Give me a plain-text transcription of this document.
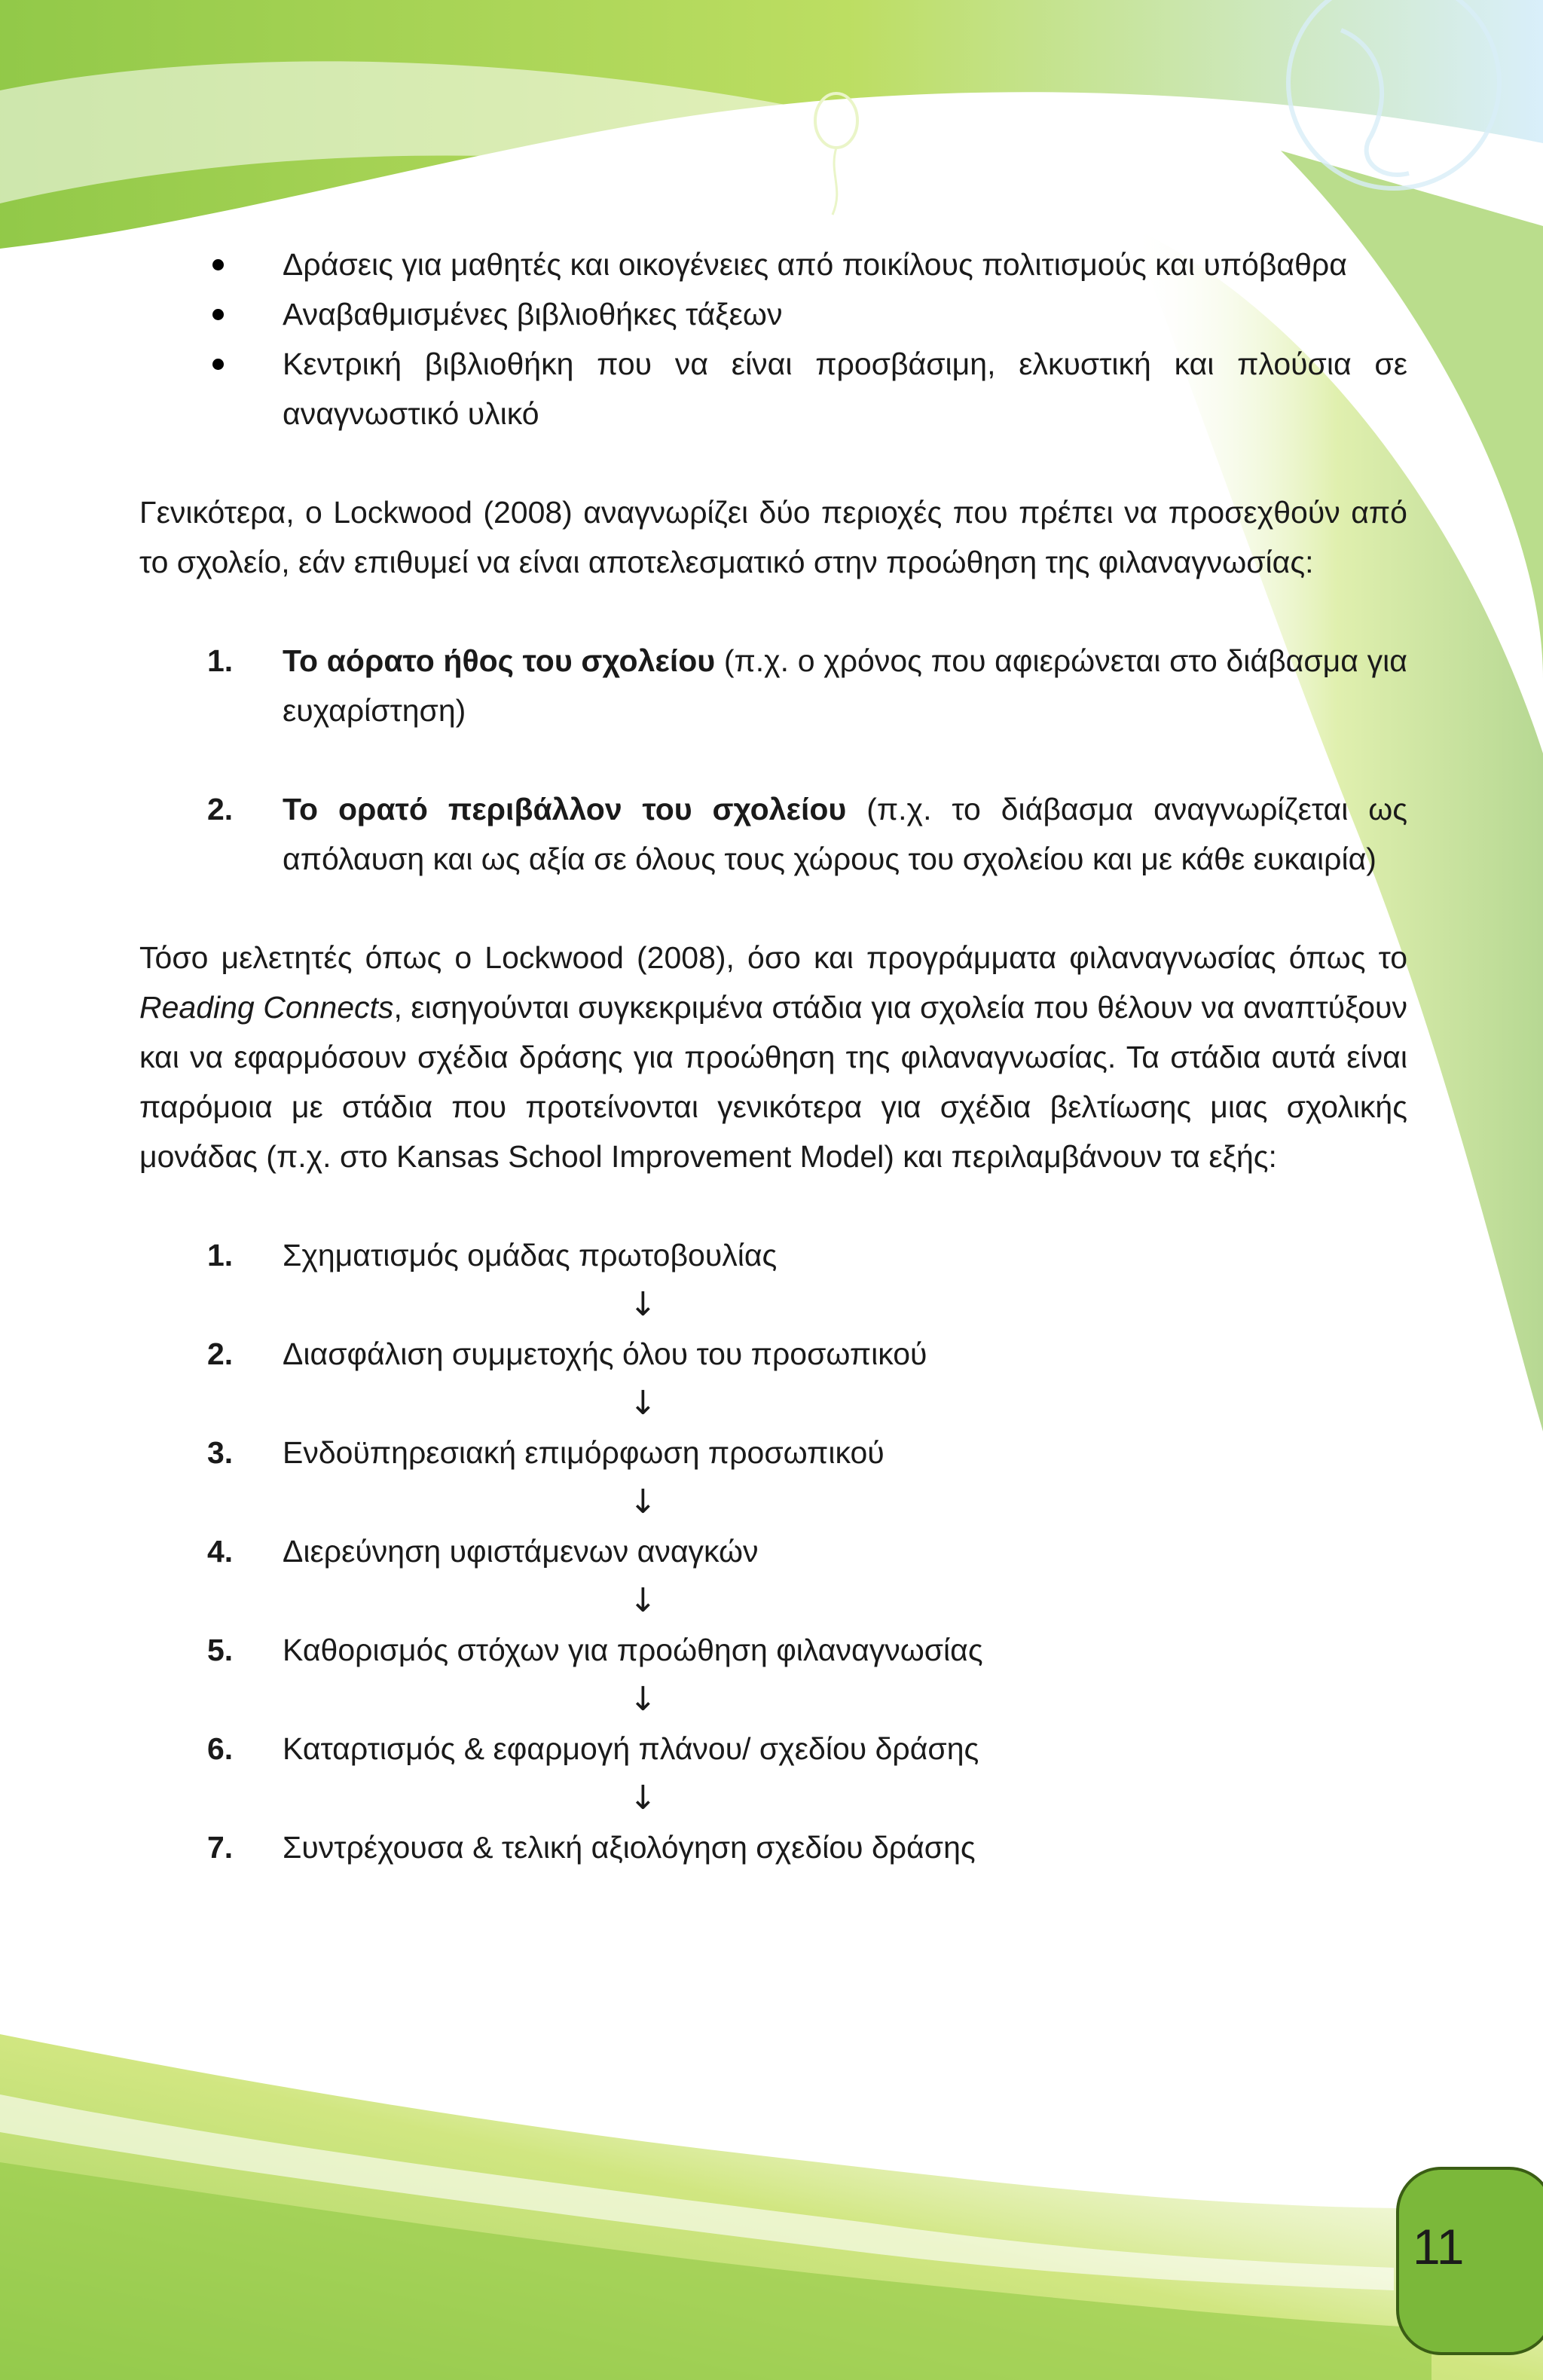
Δράσεις για μαθητές και οικογένειες από ποικίλους πολιτισμούς και υπόβαθρα
Αναβαθμισμένες βιβλιοθήκες τάξεων
Κεντρική βιβλιοθήκη που να είναι προσβάσιμη, ελκυστική και πλούσια σε αναγνωστικό υλικό

Γενικότερα, ο Lockwood (2008) αναγνωρίζει δύο περιοχές που πρέπει να προσεχθούν από το σχολείο, εάν επιθυμεί να είναι αποτελεσματικό στην προώθηση της φιλαναγνωσίας:

1. Το αόρατο ήθος του σχολείου (π.χ. ο χρόνος που αφιερώνεται στο διάβασμα για ευχαρίστηση)
2. Το ορατό περιβάλλον του σχολείου (π.χ. το διάβασμα αναγνωρίζεται ως απόλαυση και ως αξία σε όλους τους χώρους του σχολείου και με κάθε ευκαιρία)

Τόσο μελετητές όπως ο Lockwood (2008), όσο και προγράμματα φιλαναγνωσίας όπως το Reading Connects, εισηγούνται συγκεκριμένα στάδια για σχολεία που θέλουν να αναπτύξουν και να εφαρμόσουν σχέδια δράσης για προώθηση της φιλαναγνωσίας. Τα στάδια αυτά είναι παρόμοια με στάδια που προτείνονται γενικότερα για σχέδια βελτίωσης μιας σχολικής μονάδας (π.χ. στο Kansas School Improvement Model) και περιλαμβάνουν τα εξής:

1. Σχηματισμός ομάδας πρωτοβουλίας
↓
2. Διασφάλιση συμμετοχής όλου του προσωπικού
↓
3. Ενδοϋπηρεσιακή επιμόρφωση προσωπικού
↓
4. Διερεύνηση υφιστάμενων αναγκών
↓
5. Καθορισμός στόχων για προώθηση φιλαναγνωσίας
↓
6. Καταρτισμός & εφαρμογή πλάνου/ σχεδίου δράσης
↓
7. Συντρέχουσα & τελική αξιολόγηση σχεδίου δράσης
11
